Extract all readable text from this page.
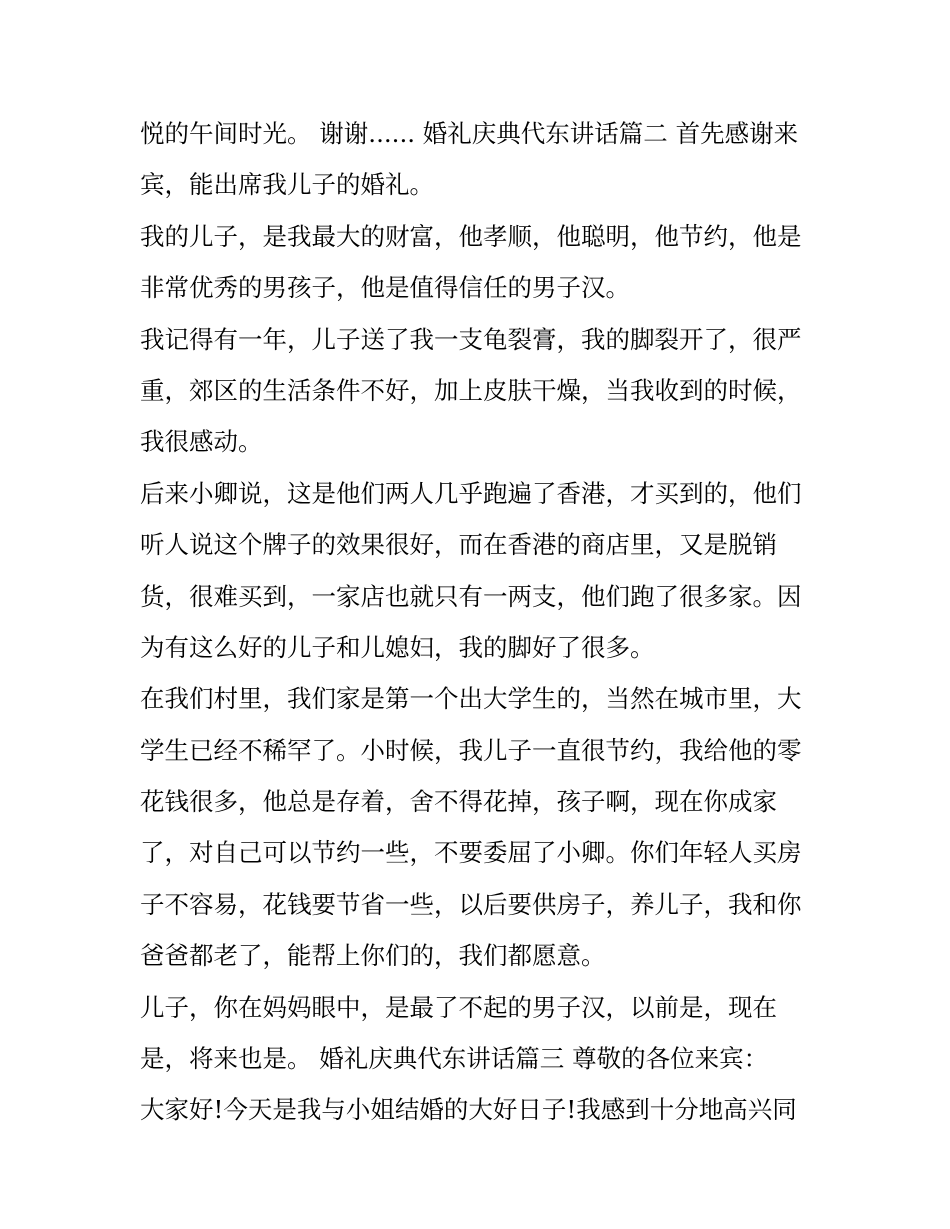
悦的午间时光。 谢谢...... 婚礼庆典代东讲话篇二 首先感谢来
宾，能出席我儿子的婚礼。
我的儿子，是我最大的财富，他孝顺，他聪明，他节约，他是
非常优秀的男孩子，他是值得信任的男子汉。
我记得有一年，儿子送了我一支龟裂膏，我的脚裂开了，很严
重，郊区的生活条件不好，加上皮肤干燥，当我收到的时候，
我很感动。
后来小卿说，这是他们两人几乎跑遍了香港，才买到的，他们
听人说这个牌子的效果很好，而在香港的商店里，又是脱销
货，很难买到，一家店也就只有一两支，他们跑了很多家。因
为有这么好的儿子和儿媳妇，我的脚好了很多。
在我们村里，我们家是第一个出大学生的，当然在城市里，大
学生已经不稀罕了。小时候，我儿子一直很节约，我给他的零
花钱很多，他总是存着，舍不得花掉，孩子啊，现在你成家
了，对自己可以节约一些，不要委屈了小卿。你们年轻人买房
子不容易，花钱要节省一些，以后要供房子，养儿子，我和你
爸爸都老了，能帮上你们的，我们都愿意。
儿子，你在妈妈眼中，是最了不起的男子汉，以前是，现在
是，将来也是。 婚礼庆典代东讲话篇三 尊敬的各位来宾：
大家好!今天是我与小姐结婚的大好日子!我感到十分地高兴同
